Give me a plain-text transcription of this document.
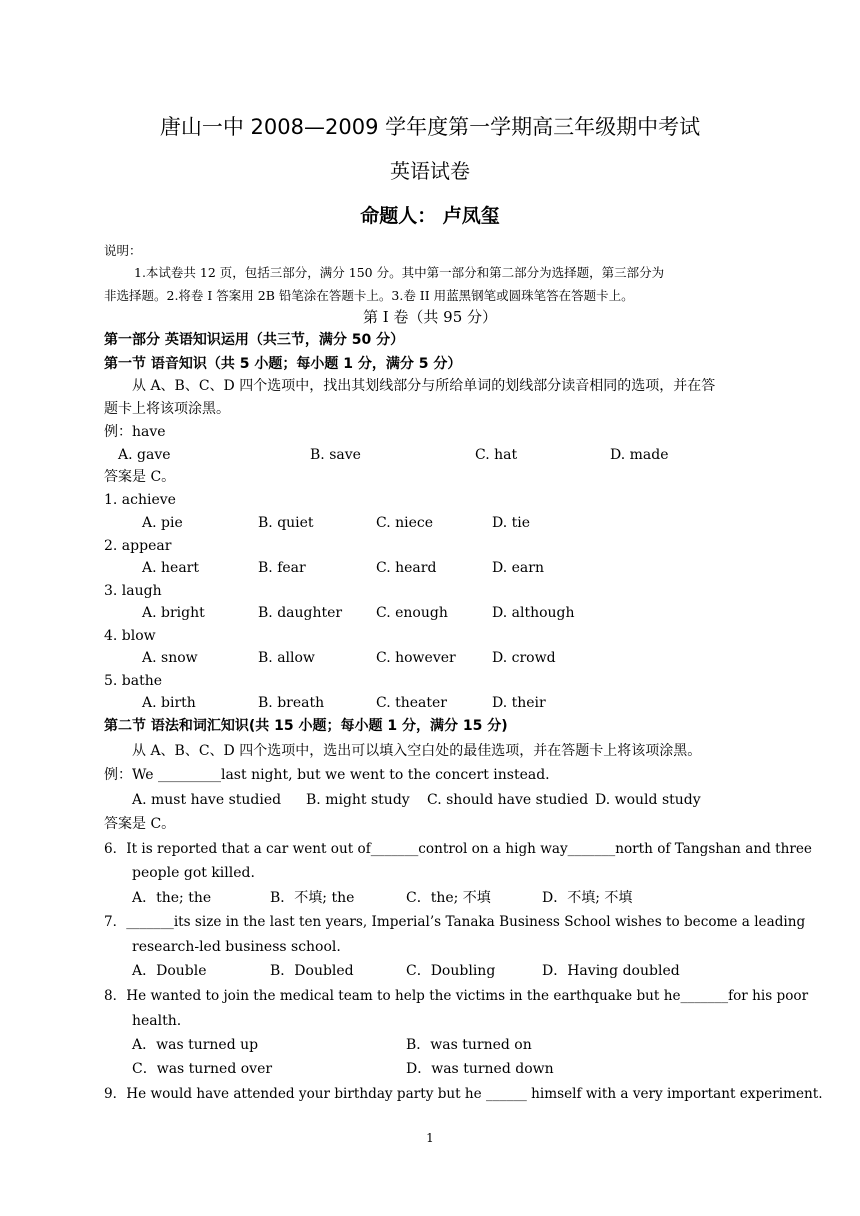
唐山一中 2008—2009 学年度第一学期高三年级期中考试
英语试卷
命题人： 卢凤玺
说明：
1.本试卷共 12 页，包括三部分，满分 150 分。其中第一部分和第二部分为选择题，第三部分为
非选择题。2.将卷 I 答案用 2B 铅笔涂在答题卡上。3.卷 II 用蓝黑钢笔或圆珠笔答在答题卡上。
第 I 卷（共 95 分）
第一部分 英语知识运用（共三节，满分 50 分）
第一节 语音知识（共 5 小题；每小题 1 分，满分 5 分）
从 A、B、C、D 四个选项中，找出其划线部分与所给单词的划线部分读音相同的选项，并在答
题卡上将该项涂黑。
例：have
A. gave	B. save	C. hat	D. made
答案是 C。
1. achieve
A. pie	B. quiet	C. niece	D. tie
2. appear
A. heart	B. fear	C. heard	D. earn
3. laugh
A. bright	B. daughter C. enough	D. although
4. blow
A. snow	B. allow	C. however	D. crowd
5. bathe
A. birth	B. breath	C. theater	D. their
第二节 语法和词汇知识(共 15 小题；每小题 1 分，满分 15 分)
从 A、B、C、D 四个选项中，选出可以填入空白处的最佳选项，并在答题卡上将该项涂黑。
例：We _________last night, but we went to the concert instead.
A. must have studied B. might study C. should have studied D. would study
答案是 C。
6．It is reported that a car went out of_______control on a high way_______north of Tangshan and three
people got killed.
A．the; the	B．不填; the	C．the; 不填	D．不填; 不填
7．_______its size in the last ten years, Imperial’s Tanaka Business School wishes to become a leading
research-led business school.
A．Double	B．Doubled	C．Doubling	D．Having doubled
8．He wanted to join the medical team to help the victims in the earthquake but he_______for his poor
health.
A．was turned up	B．was turned on
C．was turned over	D．was turned down
9．He would have attended your birthday party but he ______ himself with a very important experiment.
1
